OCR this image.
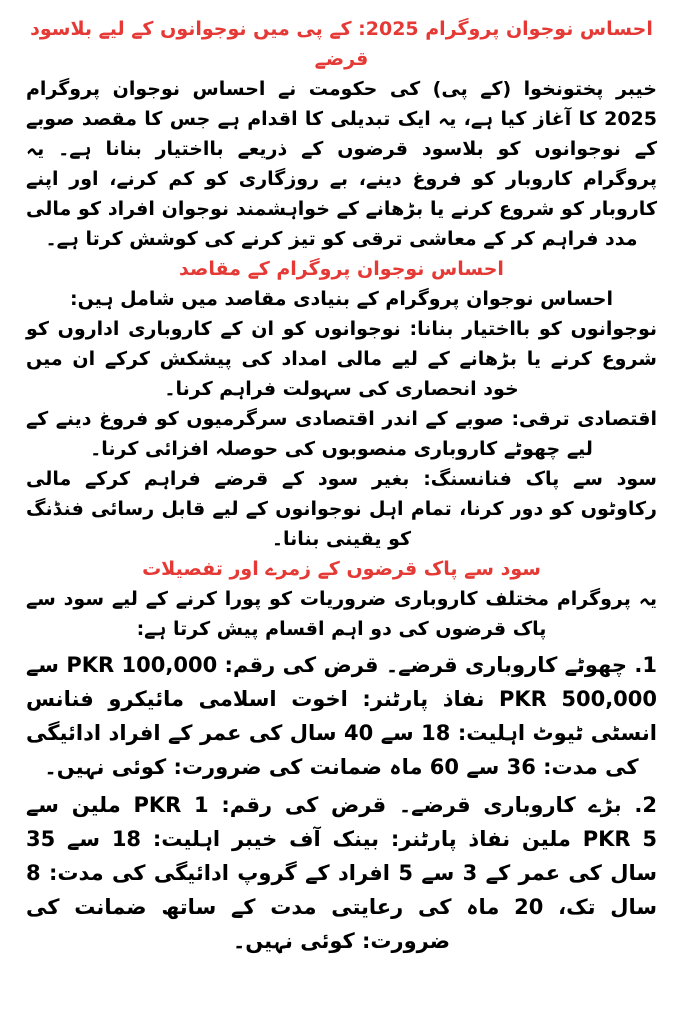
احساس نوجوان پروگرام 2025: کے پی میں نوجوانوں کے لیے بلاسود قرضے

خیبر پختونخوا (کے پی) کی حکومت نے احساس نوجوان پروگرام 2025 کا آغاز کیا ہے، یہ ایک تبدیلی کا اقدام ہے جس کا مقصد صوبے کے نوجوانوں کو بلاسود قرضوں کے ذریعے بااختیار بنانا ہے۔ یہ پروگرام کاروبار کو فروغ دینے، بے روزگاری کو کم کرنے، اور اپنے کاروبار کو شروع کرنے یا بڑھانے کے خواہشمند نوجوان افراد کو مالی مدد فراہم کر کے معاشی ترقی کو تیز کرنے کی کوشش کرتا ہے۔

احساس نوجوان پروگرام کے مقاصد

احساس نوجوان پروگرام کے بنیادی مقاصد میں شامل ہیں:

نوجوانوں کو بااختیار بنانا: نوجوانوں کو ان کے کاروباری اداروں کو شروع کرنے یا بڑھانے کے لیے مالی امداد کی پیشکش کرکے ان میں خود انحصاری کی سہولت فراہم کرنا۔

اقتصادی ترقی: صوبے کے اندر اقتصادی سرگرمیوں کو فروغ دینے کے لیے چھوٹے کاروباری منصوبوں کی حوصلہ افزائی کرنا۔

سود سے پاک فنانسنگ: بغیر سود کے قرضے فراہم کرکے مالی رکاوٹوں کو دور کرنا، تمام اہل نوجوانوں کے لیے قابل رسائی فنڈنگ کو یقینی بنانا۔

سود سے پاک قرضوں کے زمرے اور تفصیلات

یہ پروگرام مختلف کاروباری ضروریات کو پورا کرنے کے لیے سود سے پاک قرضوں کی دو اہم اقسام پیش کرتا ہے:

1. چھوٹے کاروباری قرضے۔ قرض کی رقم: PKR 100,000 سے PKR 500,000 نفاذ پارٹنر: اخوت اسلامی مائیکرو فنانس انسٹی ٹیوٹ اہلیت: 18 سے 40 سال کی عمر کے افراد ادائیگی کی مدت: 36 سے 60 ماہ ضمانت کی ضرورت: کوئی نہیں۔

2. بڑے کاروباری قرضے۔ قرض کی رقم: PKR 1 ملین سے PKR 5 ملین نفاذ پارٹنر: بینک آف خیبر اہلیت: 18 سے 35 سال کی عمر کے 3 سے 5 افراد کے گروپ ادائیگی کی مدت: 8 سال تک، 20 ماہ کی رعایتی مدت کے ساتھ ضمانت کی ضرورت: کوئی نہیں۔
